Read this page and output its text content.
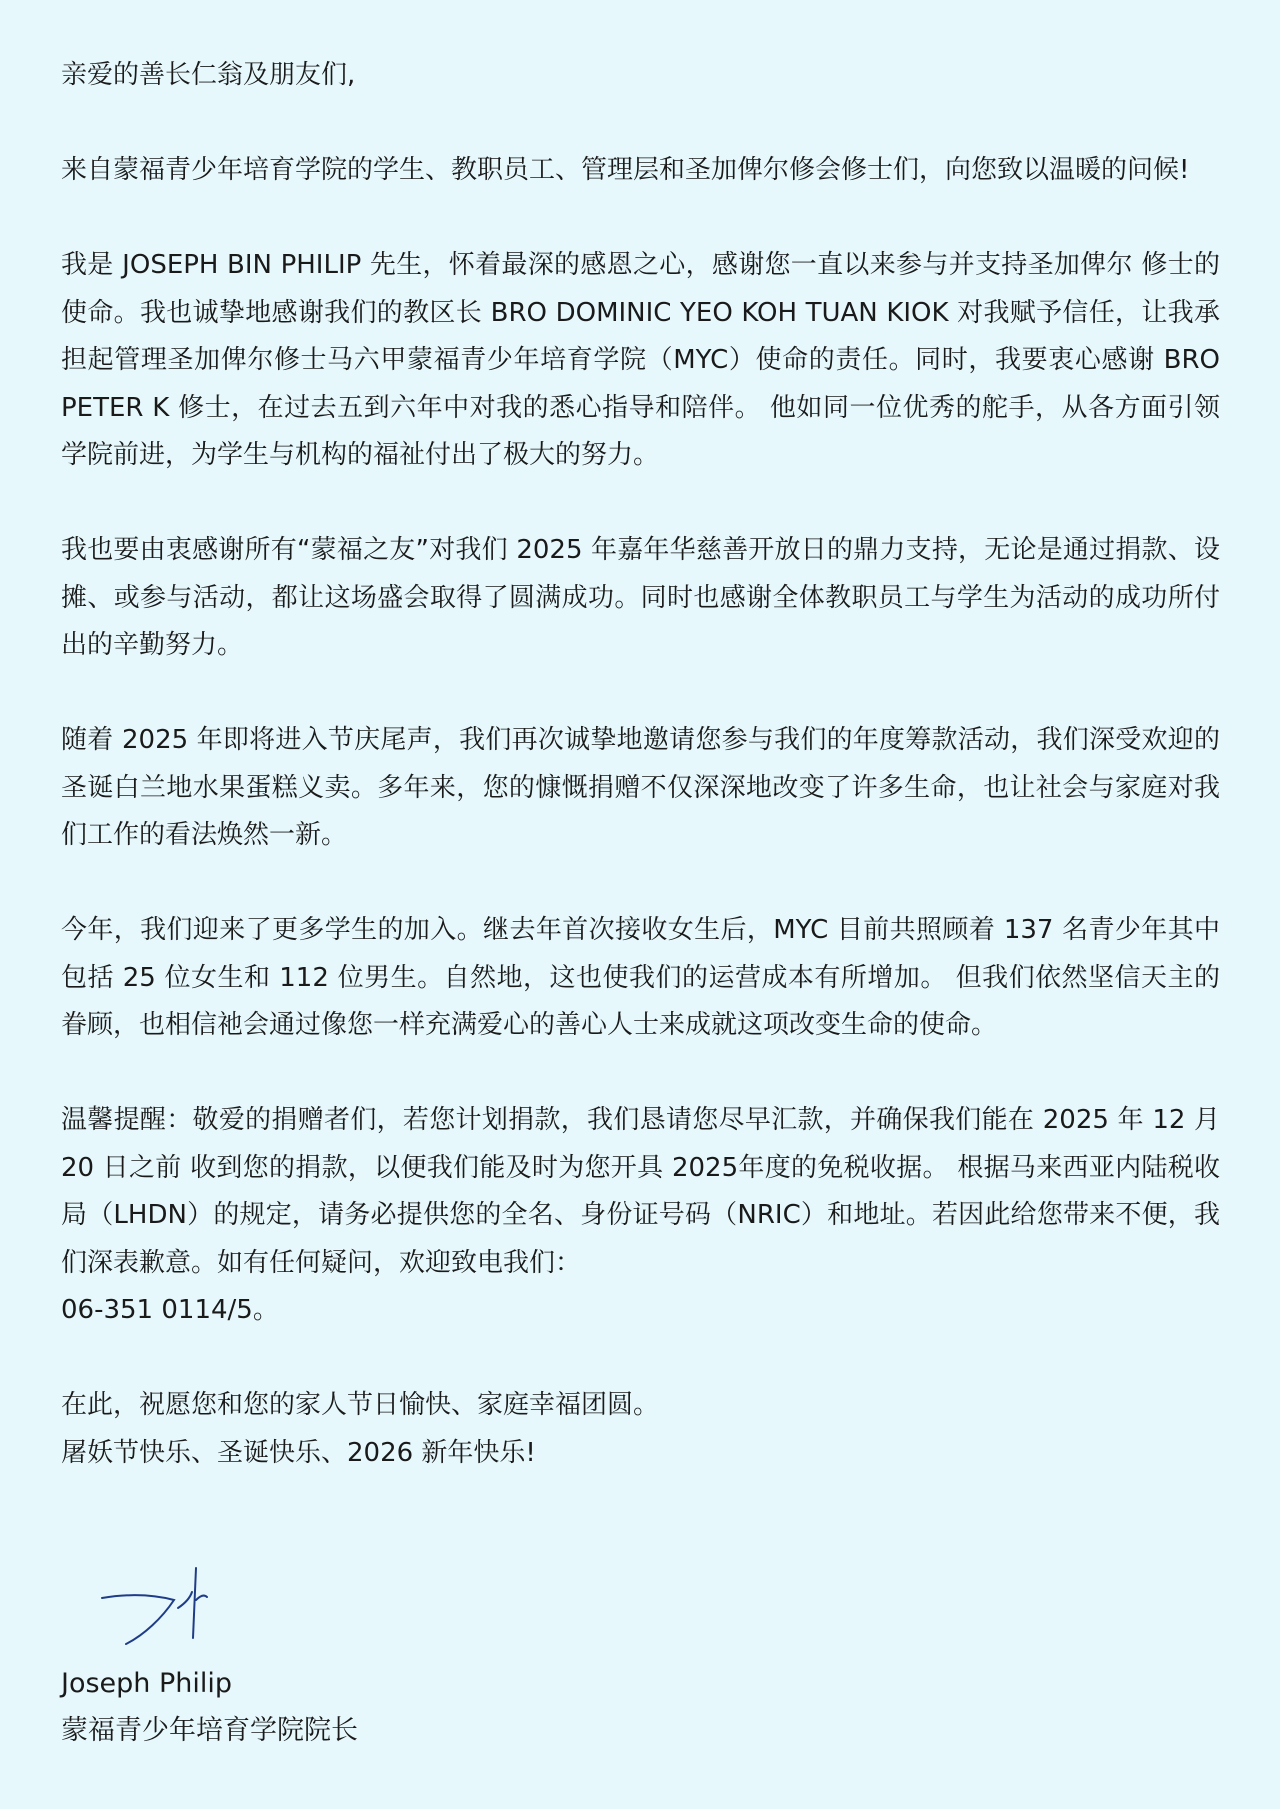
亲爱的善长仁翁及朋友们,

来自蒙福青少年培育学院的学生、教职员工、管理层和圣加俾尔修会修士们，向您致以温暖的问候!

我是 JOSEPH BIN PHILIP 先生，怀着最深的感恩之心，感谢您一直以来参与并支持圣加俾尔 修士的使命。我也诚挚地感谢我们的教区长 BRO DOMINIC YEO KOH TUAN KIOK 对我赋予信任，让我承担起管理圣加俾尔修士马六甲蒙福青少年培育学院（MYC）使命的责任。同时，我要衷心感谢 BRO PETER K 修士，在过去五到六年中对我的悉心指导和陪伴。 他如同一位优秀的舵手，从各方面引领学院前进，为学生与机构的福祉付出了极大的努力。

我也要由衷感谢所有“蒙福之友”对我们 2025 年嘉年华慈善开放日的鼎力支持，无论是通过捐款、设摊、或参与活动，都让这场盛会取得了圆满成功。同时也感谢全体教职员工与学生为活动的成功所付出的辛勤努力。

随着 2025 年即将进入节庆尾声，我们再次诚挚地邀请您参与我们的年度筹款活动，我们深受欢迎的圣诞白兰地水果蛋糕义卖。多年来，您的慷慨捐赠不仅深深地改变了许多生命，也让社会与家庭对我们工作的看法焕然一新。

今年，我们迎来了更多学生的加入。继去年首次接收女生后，MYC 目前共照顾着 137 名青少年其中包括 25 位女生和 112 位男生。自然地，这也使我们的运营成本有所增加。 但我们依然坚信天主的眷顾，也相信祂会通过像您一样充满爱心的善心人士来成就这项改变生命的使命。

温馨提醒：敬爱的捐赠者们，若您计划捐款，我们恳请您尽早汇款，并确保我们能在 2025 年 12 月 20 日之前 收到您的捐款，以便我们能及时为您开具 2025年度的免税收据。 根据马来西亚内陆税收局（LHDN）的规定，请务必提供您的全名、身份证号码（NRIC）和地址。若因此给您带来不便，我们深表歉意。如有任何疑问，欢迎致电我们：

06-351 0114/5。

在此，祝愿您和您的家人节日愉快、家庭幸福团圆。

屠妖节快乐、圣诞快乐、2026 新年快乐!

Joseph Philip
蒙福青少年培育学院院长
